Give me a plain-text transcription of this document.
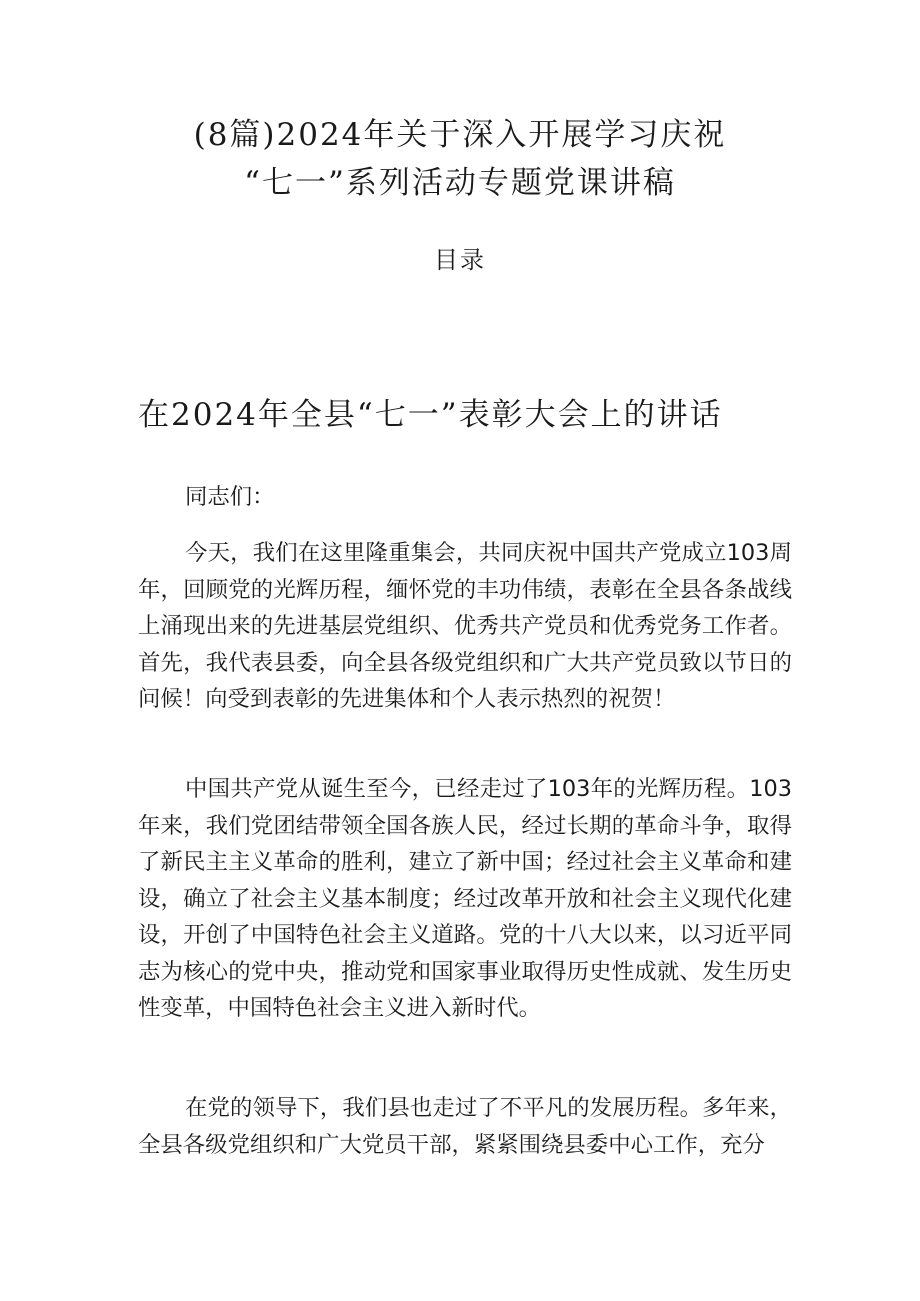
(8篇)2024年关于深入开展学习庆祝
“七一”系列活动专题党课讲稿
目录
在2024年全县“七一”表彰大会上的讲话

同志们：

今天，我们在这里隆重集会，共同庆祝中国共产党成立103周年，回顾党的光辉历程，缅怀党的丰功伟绩，表彰在全县各条战线上涌现出来的先进基层党组织、优秀共产党员和优秀党务工作者。首先，我代表县委，向全县各级党组织和广大共产党员致以节日的问候！向受到表彰的先进集体和个人表示热烈的祝贺！

中国共产党从诞生至今，已经走过了103年的光辉历程。103年来，我们党团结带领全国各族人民，经过长期的革命斗争，取得了新民主主义革命的胜利，建立了新中国；经过社会主义革命和建设，确立了社会主义基本制度；经过改革开放和社会主义现代化建设，开创了中国特色社会主义道路。党的十八大以来，以习近平同志为核心的党中央，推动党和国家事业取得历史性成就、发生历史性变革，中国特色社会主义进入新时代。

在党的领导下，我们县也走过了不平凡的发展历程。多年来，全县各级党组织和广大党员干部，紧紧围绕县委中心工作，充分
